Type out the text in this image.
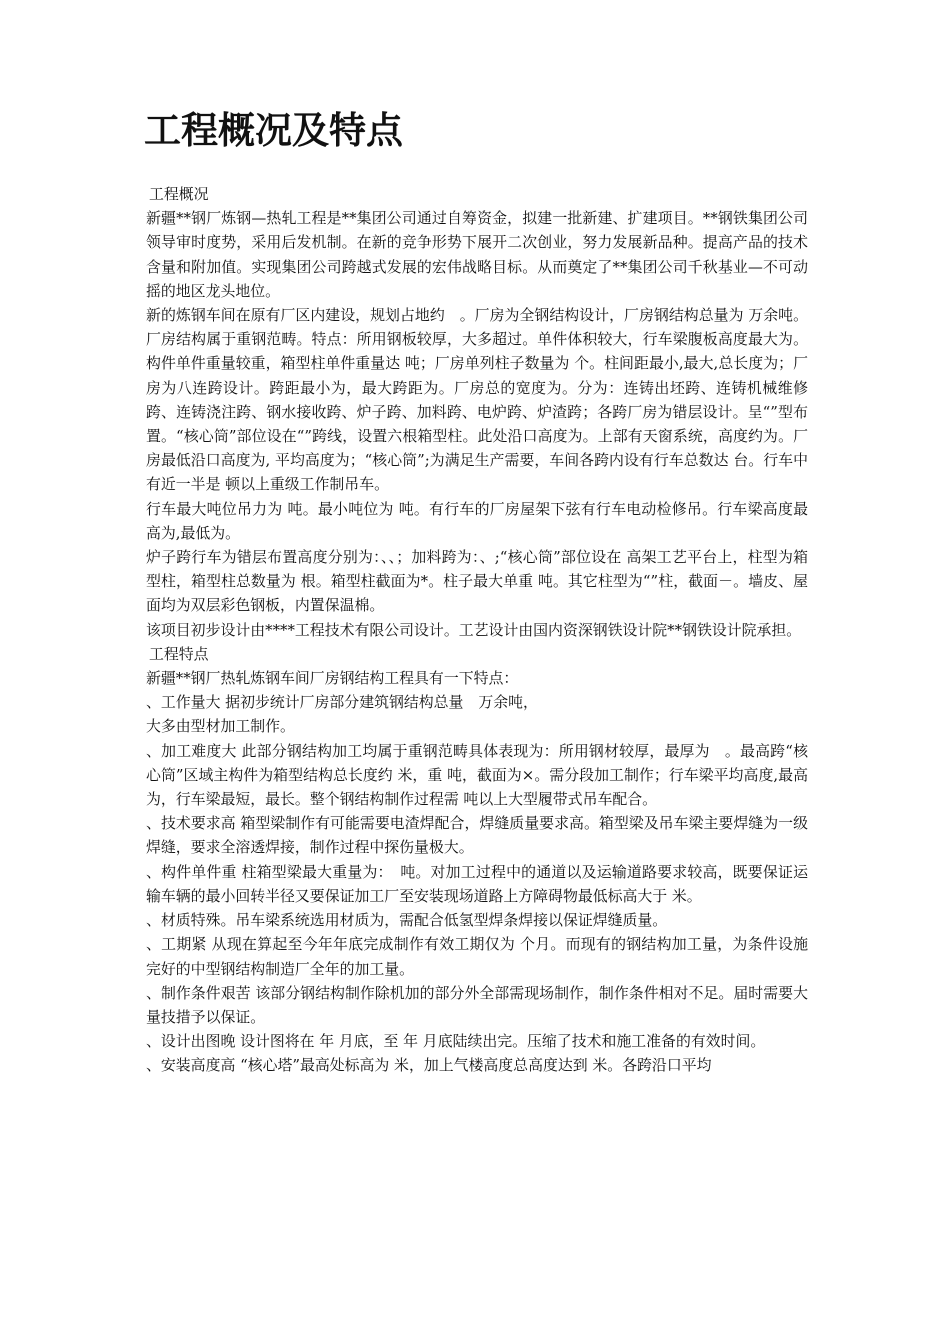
工程概况及特点
工程概况

新疆**钢厂炼钢—热轧工程是**集团公司通过自筹资金，拟建一批新建、扩建项目。**钢铁集团公司领导审时度势，采用后发机制。在新的竞争形势下展开二次创业，努力发展新品种。提高产品的技术含量和附加值。实现集团公司跨越式发展的宏伟战略目标。从而奠定了**集团公司千秋基业—不可动摇的地区龙头地位。

新的炼钢车间在原有厂区内建设，规划占地约　。厂房为全钢结构设计，厂房钢结构总量为 万余吨。厂房结构属于重钢范畴。特点：所用钢板较厚，大多超过。单件体积较大，行车梁腹板高度最大为。构件单件重量较重，箱型柱单件重量达 吨；厂房单列柱子数量为 个。柱间距最小,最大,总长度为；厂房为八连跨设计。跨距最小为，最大跨距为。厂房总的宽度为。分为：连铸出坯跨、连铸机械维修跨、连铸浇注跨、钢水接收跨、炉子跨、加料跨、电炉跨、炉渣跨；各跨厂房为错层设计。呈“”型布置。“核心筒”部位设在“”跨线，设置六根箱型柱。此处沿口高度为。上部有天窗系统，高度约为。厂房最低沿口高度为, 平均高度为；“核心筒”;为满足生产需要，车间各跨内设有行车总数达 台。行车中有近一半是 顿以上重级工作制吊车。

行车最大吨位吊力为 吨。最小吨位为 吨。有行车的厂房屋架下弦有行车电动检修吊。行车梁高度最高为,最低为。

炉子跨行车为错层布置高度分别为：、、；加料跨为：、;“核心筒”部位设在 高架工艺平台上，柱型为箱型柱，箱型柱总数量为 根。箱型柱截面为*。柱子最大单重 吨。其它柱型为“”柱，截面－。墙皮、屋面均为双层彩色钢板，内置保温棉。

该项目初步设计由****工程技术有限公司设计。工艺设计由国内资深钢铁设计院**钢铁设计院承担。

工程特点

新疆**钢厂热轧炼钢车间厂房钢结构工程具有一下特点：

、工作量大 据初步统计厂房部分建筑钢结构总量　万余吨，

大多由型材加工制作。

、加工难度大 此部分钢结构加工均属于重钢范畴具体表现为：所用钢材较厚，最厚为　。最高跨“核心筒”区域主构件为箱型结构总长度约 米，重 吨，截面为×。需分段加工制作；行车梁平均高度,最高为，行车梁最短，最长。整个钢结构制作过程需 吨以上大型履带式吊车配合。

、技术要求高 箱型梁制作有可能需要电渣焊配合，焊缝质量要求高。箱型梁及吊车梁主要焊缝为一级焊缝，要求全溶透焊接，制作过程中探伤量极大。

、构件单件重 柱箱型梁最大重量为：　吨。对加工过程中的通道以及运输道路要求较高，既要保证运输车辆的最小回转半径又要保证加工厂至安装现场道路上方障碍物最低标高大于 米。

、材质特殊。吊车梁系统选用材质为，需配合低氢型焊条焊接以保证焊缝质量。

、工期紧 从现在算起至今年年底完成制作有效工期仅为 个月。而现有的钢结构加工量，为条件设施完好的中型钢结构制造厂全年的加工量。

、制作条件艰苦 该部分钢结构制作除机加的部分外全部需现场制作，制作条件相对不足。届时需要大量技措予以保证。

、设计出图晚 设计图将在 年 月底，至 年 月底陆续出完。压缩了技术和施工准备的有效时间。

、安装高度高 “核心塔”最高处标高为 米，加上气楼高度总高度达到 米。各跨沿口平均
